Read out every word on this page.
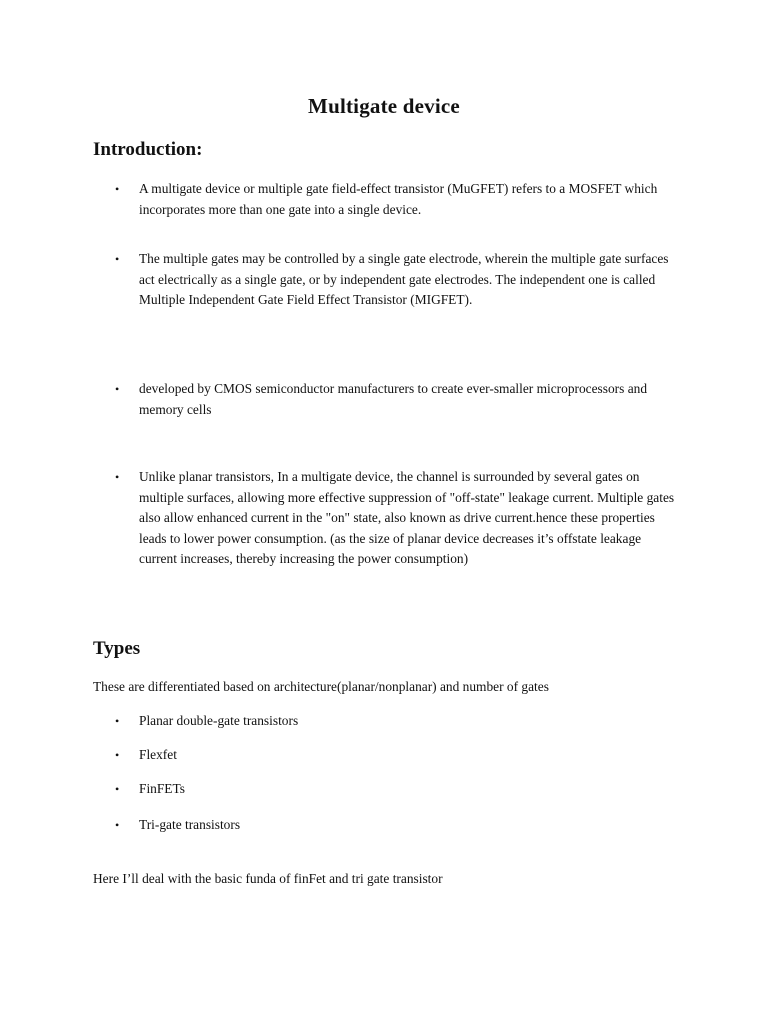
Multigate device
Introduction:
• A multigate device or multiple gate field-effect transistor (MuGFET) refers to a MOSFET which incorporates more than one gate into a single device.
• The multiple gates may be controlled by a single gate electrode, wherein the multiple gate surfaces act electrically as a single gate, or by independent gate electrodes. The independent one is called Multiple Independent Gate Field Effect Transistor (MIGFET).
• developed by CMOS semiconductor manufacturers to create ever-smaller microprocessors and memory cells
• Unlike planar transistors, In a multigate device, the channel is surrounded by several gates on multiple surfaces, allowing more effective suppression of "off-state" leakage current. Multiple gates also allow enhanced current in the "on" state, also known as drive current.hence these properties leads to lower power consumption. (as the size of planar device decreases it’s offstate leakage current increases, thereby increasing the power consumption)
Types
These are differentiated based on architecture(planar/nonplanar) and number of gates
• Planar double-gate transistors
• Flexfet
• FinFETs
• Tri-gate transistors
Here I’ll deal with the basic funda of finFet and tri gate transistor
